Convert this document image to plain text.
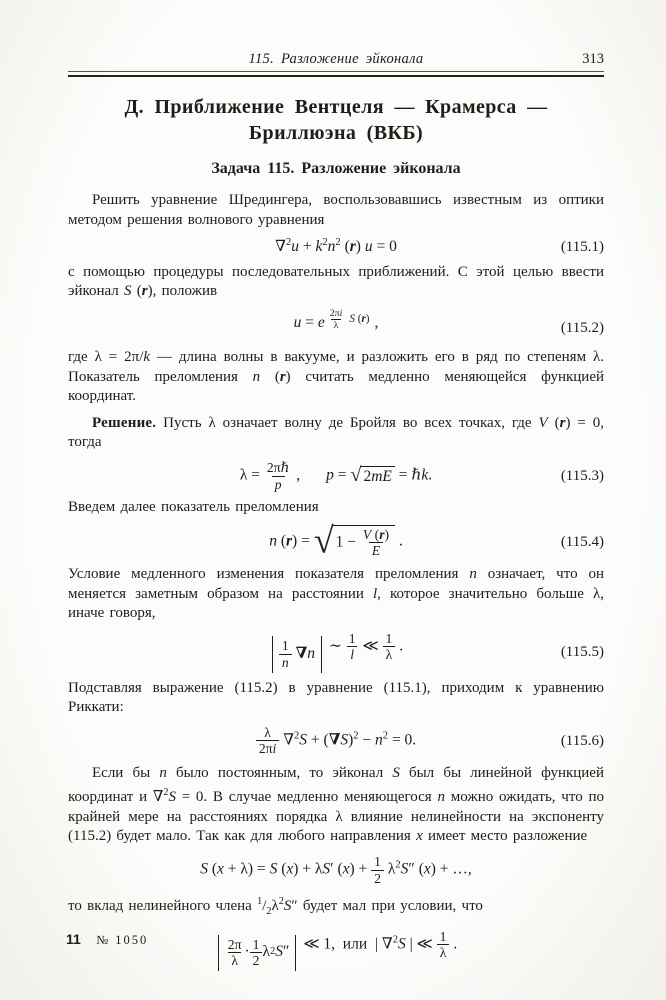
115. Разложение эйконала	313
Д. Приближение Вентцеля — Крамерса —
Бриллюэна (ВКБ)
Задача 115. Разложение эйконала

Решить уравнение Шредингера, воспользовавшись известным из оптики методом решения волнового уравнения

$\nabla^2u + k^2n^2$ (r) u = 0	(115.1)

с помощью процедуры последовательных приближений. С этой целью ввести эйконал S (r), положив

u = e $\frac{2\pi i}{\lambda}$ S (r) ,	(115.2)

где λ = 2π/k — длина волны в вакууме, и разложить его в ряд по степеням λ. Показатель преломления n (r) считать медленно меняющейся функцией координат.

Решение. Пусть λ означает волну де Бройля во всех точках, где V (r) = 0, тогда

$\lambda = \frac{\text{2πℏ}}{p}$ , p = √ 2mE = ℏk.	(115.3)

Введем далее показатель преломления

n (r) = √ $1 - \frac{V (r)}{E}$ .	(115.4)

Условие медленного изменения показателя преломления n означает, что он меняется заметным образом на расстоянии l, которое значительно больше λ, иначе говоря,

$\frac{1}{n}$
∇ n ∼ $\frac{1}{l}$ ≪ $\frac{1}{\lambda}$ .	(115.5)

Подставляя выражение (115.2) в уравнение (115.1), приходим к уравнению Риккати:

$\frac{\lambda}{2\pi i} \nabla^2S + (\nabla S)^2 - n^2 = 0$.	(115.6)

Если бы n было постоянным, то эйконал S был бы линейной функцией координат и ∇$^2$S = 0. В случае медленно меняющегося n можно ожидать, что по крайней мере на расстояниях порядка λ влияние нелинейности на экспоненту (115.2) будет мало. Так как для любого направления x имеет место разложение

S (x + λ) = S (x) + λS′ $(x) + \frac{1}{2} \lambda^2S''$ (x) + …,

то вклад нелинейного члена $^1/_2\lambda^2S''$ будет мал при условии, что

$\frac{2\pi}{\lambda} \cdot \frac{1}{2}$ λ 2 S ″ ≪ 1,  или  | ∇$^2$S | ≪ $\frac{1}{\lambda}$ .
11 № 1050
